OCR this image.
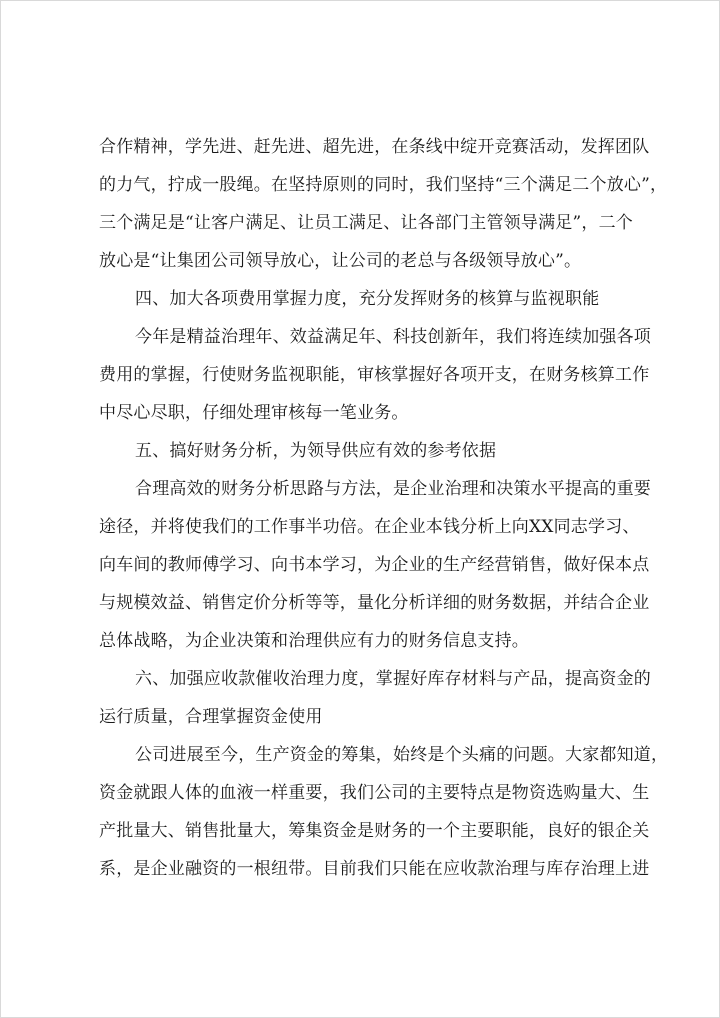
合作精神，学先进、赶先进、超先进，在条线中绽开竞赛活动，发挥团队
的力气，拧成一股绳。在坚持原则的同时，我们坚持“三个满足二个放心”，
三个满足是“让客户满足、让员工满足、让各部门主管领导满足”，二个
放心是“让集团公司领导放心，让公司的老总与各级领导放心”。
四、加大各项费用掌握力度，充分发挥财务的核算与监视职能
今年是精益治理年、效益满足年、科技创新年，我们将连续加强各项
费用的掌握，行使财务监视职能，审核掌握好各项开支，在财务核算工作
中尽心尽职，仔细处理审核每一笔业务。
五、搞好财务分析，为领导供应有效的参考依据
合理高效的财务分析思路与方法，是企业治理和决策水平提高的重要
途径，并将使我们的工作事半功倍。在企业本钱分析上向XX同志学习、
向车间的教师傅学习、向书本学习，为企业的生产经营销售，做好保本点
与规模效益、销售定价分析等等，量化分析详细的财务数据，并结合企业
总体战略，为企业决策和治理供应有力的财务信息支持。
六、加强应收款催收治理力度，掌握好库存材料与产品，提高资金的
运行质量，合理掌握资金使用
公司进展至今，生产资金的筹集，始终是个头痛的问题。大家都知道，
资金就跟人体的血液一样重要，我们公司的主要特点是物资选购量大、生
产批量大、销售批量大，筹集资金是财务的一个主要职能，良好的银企关
系，是企业融资的一根纽带。目前我们只能在应收款治理与库存治理上进
